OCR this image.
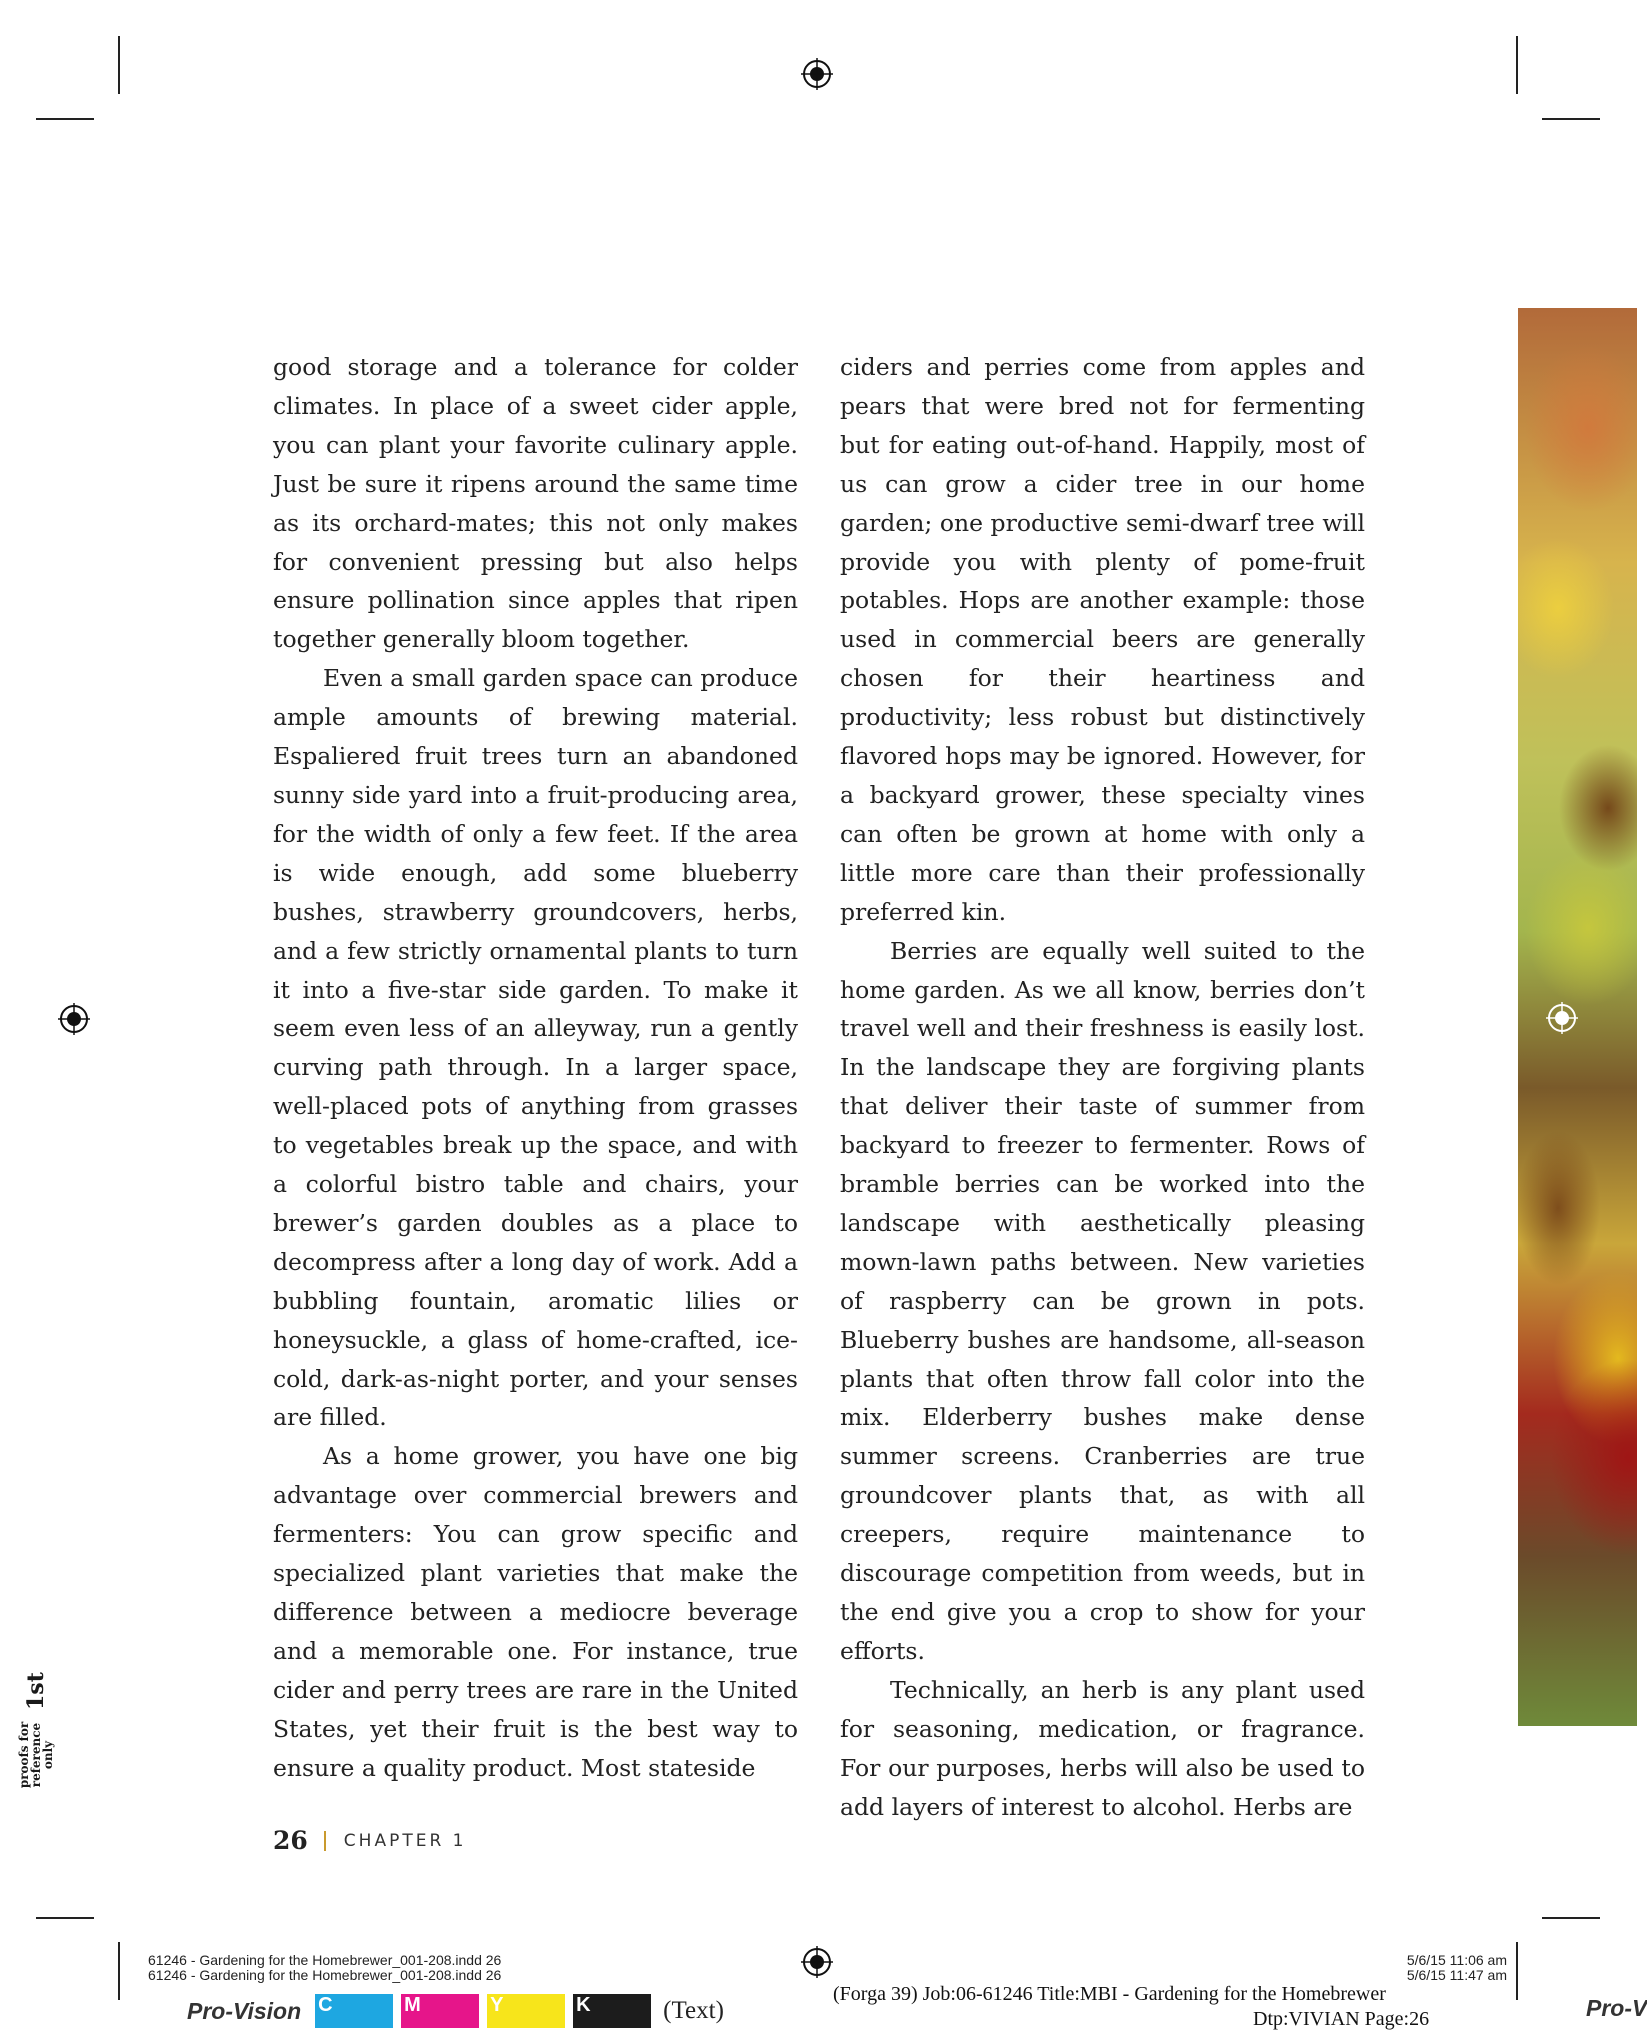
good storage and a tolerance for colder climates. In place of a sweet cider apple, you can plant your favorite culinary apple. Just be sure it ripens around the same time as its orchard-mates; this not only makes for convenient pressing but also helps ensure pollination since apples that ripen together generally bloom together.

Even a small garden space can produce ample amounts of brewing material. Espaliered fruit trees turn an abandoned sunny side yard into a fruit-producing area, for the width of only a few feet. If the area is wide enough, add some blueberry bushes, strawberry groundcovers, herbs, and a few strictly ornamental plants to turn it into a five-star side garden. To make it seem even less of an alleyway, run a gently curving path through. In a larger space, well-placed pots of anything from grasses to vegetables break up the space, and with a colorful bistro table and chairs, your brewer’s garden doubles as a place to decompress after a long day of work. Add a bubbling fountain, aromatic lilies or honeysuckle, a glass of home-crafted, ice-cold, dark-as-night porter, and your senses are filled.

As a home grower, you have one big advantage over commercial brewers and fermenters: You can grow specific and specialized plant varieties that make the difference between a mediocre beverage and a memorable one. For instance, true cider and perry trees are rare in the United States, yet their fruit is the best way to ensure a quality product. Most stateside

ciders and perries come from apples and pears that were bred not for fermenting but for eating out-of-hand. Happily, most of us can grow a cider tree in our home garden; one productive semi-dwarf tree will provide you with plenty of pome-fruit potables. Hops are another example: those used in commercial beers are generally chosen for their heartiness and productivity; less robust but distinctively flavored hops may be ignored. However, for a backyard grower, these specialty vines can often be grown at home with only a little more care than their professionally preferred kin.

Berries are equally well suited to the home garden. As we all know, berries don’t travel well and their freshness is easily lost. In the landscape they are forgiving plants that deliver their taste of summer from backyard to freezer to fermenter. Rows of bramble berries can be worked into the landscape with aesthetically pleasing mown-lawn paths between. New varieties of raspberry can be grown in pots. Blueberry bushes are handsome, all-season plants that often throw fall color into the mix. Elderberry bushes make dense summer screens. Cranberries are true groundcover plants that, as with all creepers, require maintenance to discourage competition from weeds, but in the end give you a crop to show for your efforts.

Technically, an herb is any plant used for seasoning, medication, or fragrance. For our purposes, herbs will also be used to add layers of interest to alcohol. Herbs are

26 CHAPTER 1
proofs for reference only
1st
61246 - Gardening for the Homebrewer_001-208.indd 26
61246 - Gardening for the Homebrewer_001-208.indd 26
5/6/15 11:06 am
5/6/15 11:47 am
Pro-Vision C	M	Y	K	(Text)
(Forga 39) Job:06-61246 Title:MBI - Gardening for the Homebrewer
Dtp:VIVIAN Page:26	Pro-V
